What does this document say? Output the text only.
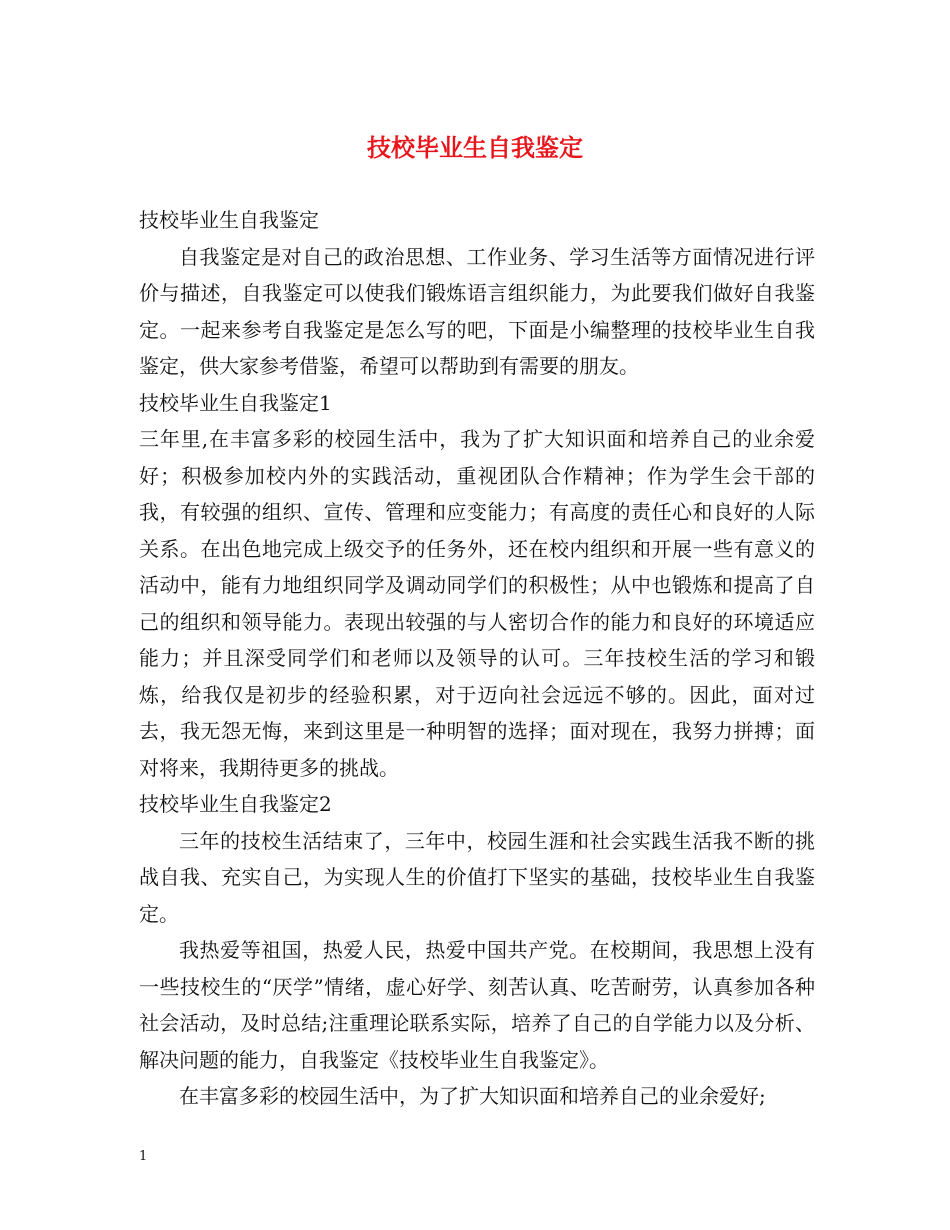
技校毕业生自我鉴定

技校毕业生自我鉴定

自我鉴定是对自己的政治思想、工作业务、学习生活等方面情况进行评价与描述，自我鉴定可以使我们锻炼语言组织能力，为此要我们做好自我鉴定。一起来参考自我鉴定是怎么写的吧，下面是小编整理的技校毕业生自我鉴定，供大家参考借鉴，希望可以帮助到有需要的朋友。

技校毕业生自我鉴定1

三年里,在丰富多彩的校园生活中，我为了扩大知识面和培养自己的业余爱好；积极参加校内外的实践活动，重视团队合作精神；作为学生会干部的我，有较强的组织、宣传、管理和应变能力；有高度的责任心和良好的人际关系。在出色地完成上级交予的任务外，还在校内组织和开展一些有意义的活动中，能有力地组织同学及调动同学们的积极性；从中也锻炼和提高了自己的组织和领导能力。表现出较强的与人密切合作的能力和良好的环境适应能力；并且深受同学们和老师以及领导的认可。三年技校生活的学习和锻炼，给我仅是初步的经验积累，对于迈向社会远远不够的。因此，面对过去，我无怨无悔，来到这里是一种明智的选择；面对现在，我努力拼搏；面对将来，我期待更多的挑战。

技校毕业生自我鉴定2

三年的技校生活结束了，三年中，校园生涯和社会实践生活我不断的挑战自我、充实自己，为实现人生的价值打下坚实的基础，技校毕业生自我鉴定。

我热爱等祖国，热爱人民，热爱中国共产党。在校期间，我思想上没有一些技校生的“厌学”情绪，虚心好学、刻苦认真、吃苦耐劳，认真参加各种社会活动，及时总结;注重理论联系实际，培养了自己的自学能力以及分析、解决问题的能力，自我鉴定《技校毕业生自我鉴定》。

在丰富多彩的校园生活中，为了扩大知识面和培养自己的业余爱好;

1
